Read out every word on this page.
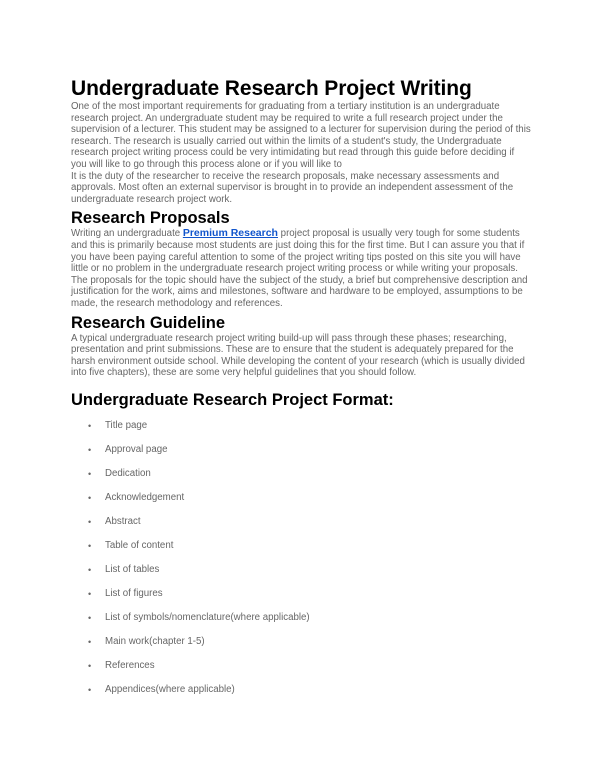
Undergraduate Research Project Writing

One of the most important requirements for graduating from a tertiary institution is an undergraduate research project. An undergraduate student may be required to write a full research project under the supervision of a lecturer. This student may be assigned to a lecturer for supervision during the period of this research. The research is usually carried out within the limits of a student's study, the Undergraduate research project writing process could be very intimidating but read through this guide before deciding if you will like to go through this process alone or if you will like to
It is the duty of the researcher to receive the research proposals, make necessary assessments and approvals. Most often an external supervisor is brought in to provide an independent assessment of the undergraduate research project work.

Research Proposals

Writing an undergraduate Premium Research project proposal is usually very tough for some students and this is primarily because most students are just doing this for the first time. But I can assure you that if you have been paying careful attention to some of the project writing tips posted on this site you will have little or no problem in the undergraduate research project writing process or while writing your proposals. The proposals for the topic should have the subject of the study, a brief but comprehensive description and justification for the work, aims and milestones, software and hardware to be employed, assumptions to be made, the research methodology and references.

Research Guideline

A typical undergraduate research project writing build-up will pass through these phases; researching, presentation and print submissions. These are to ensure that the student is adequately prepared for the harsh environment outside school. While developing the content of your research (which is usually divided into five chapters), these are some very helpful guidelines that you should follow.

Undergraduate Research Project Format:
• Title page
• Approval page
• Dedication
• Acknowledgement
• Abstract
• Table of content
• List of tables
• List of figures
• List of symbols/nomenclature(where applicable)
• Main work(chapter 1-5)
• References
• Appendices(where applicable)
